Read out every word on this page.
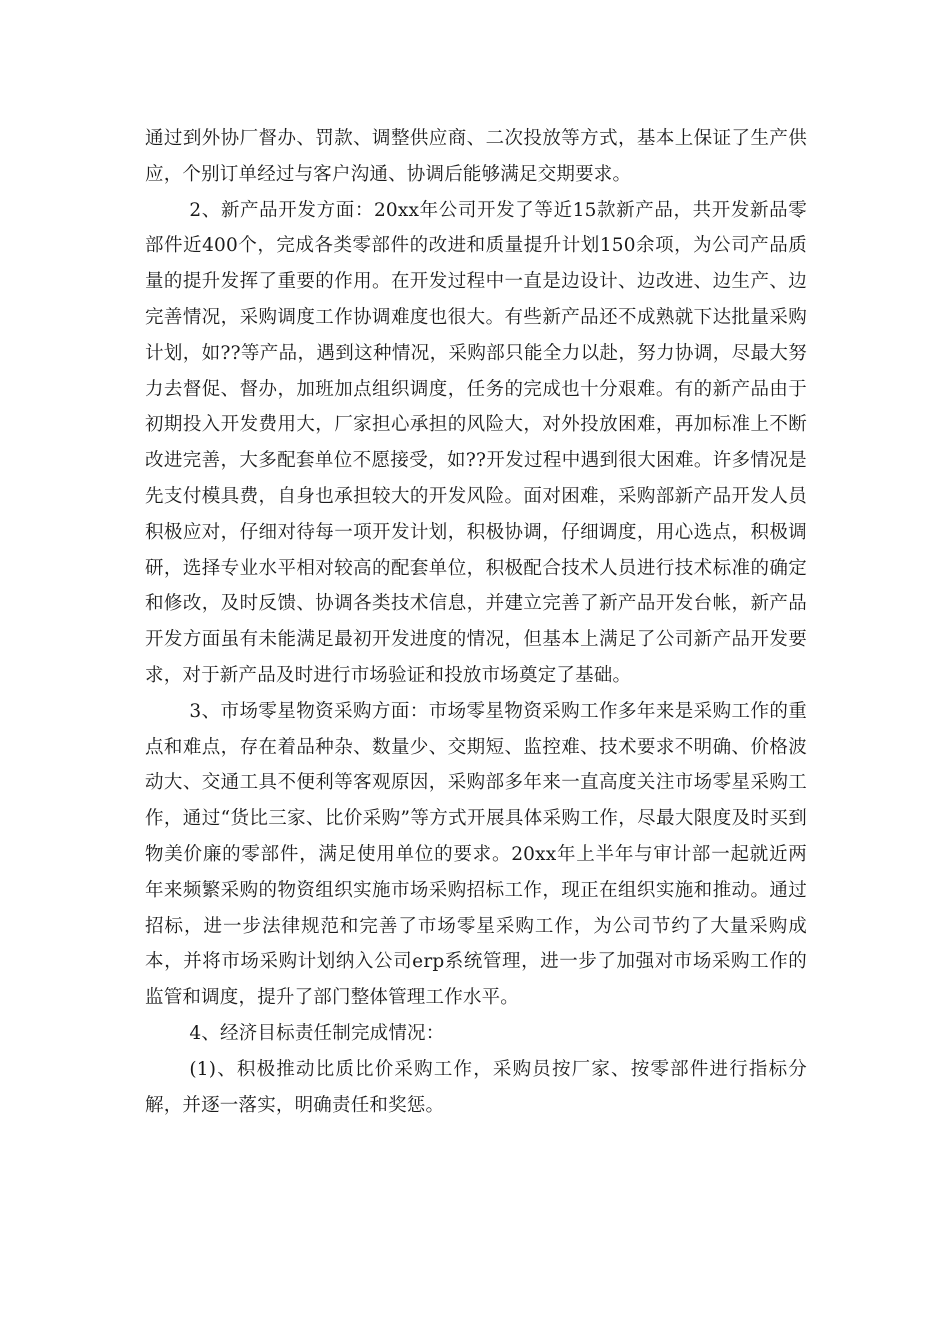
通过到外协厂督办、罚款、调整供应商、二次投放等方式，基本上保证了生产供应，个别订单经过与客户沟通、协调后能够满足交期要求。

2、新产品开发方面：20xx年公司开发了等近15款新产品，共开发新品零部件近400个，完成各类零部件的改进和质量提升计划150余项，为公司产品质量的提升发挥了重要的作用。在开发过程中一直是边设计、边改进、边生产、边完善情况，采购调度工作协调难度也很大。有些新产品还不成熟就下达批量采购计划，如??等产品，遇到这种情况，采购部只能全力以赴，努力协调，尽最大努力去督促、督办，加班加点组织调度，任务的完成也十分艰难。有的新产品由于初期投入开发费用大，厂家担心承担的风险大，对外投放困难，再加标准上不断改进完善，大多配套单位不愿接受，如??开发过程中遇到很大困难。许多情况是先支付模具费，自身也承担较大的开发风险。面对困难，采购部新产品开发人员积极应对，仔细对待每一项开发计划，积极协调，仔细调度，用心选点，积极调研，选择专业水平相对较高的配套单位，积极配合技术人员进行技术标准的确定和修改，及时反馈、协调各类技术信息，并建立完善了新产品开发台帐，新产品开发方面虽有未能满足最初开发进度的情况，但基本上满足了公司新产品开发要求，对于新产品及时进行市场验证和投放市场奠定了基础。

3、市场零星物资采购方面：市场零星物资采购工作多年来是采购工作的重点和难点，存在着品种杂、数量少、交期短、监控难、技术要求不明确、价格波动大、交通工具不便利等客观原因，采购部多年来一直高度关注市场零星采购工作，通过“货比三家、比价采购”等方式开展具体采购工作，尽最大限度及时买到物美价廉的零部件，满足使用单位的要求。20xx年上半年与审计部一起就近两年来频繁采购的物资组织实施市场采购招标工作，现正在组织实施和推动。通过招标，进一步法律规范和完善了市场零星采购工作，为公司节约了大量采购成本，并将市场采购计划纳入公司erp系统管理，进一步了加强对市场采购工作的监管和调度，提升了部门整体管理工作水平。

4、经济目标责任制完成情况：

(1)、积极推动比质比价采购工作，采购员按厂家、按零部件进行指标分解，并逐一落实，明确责任和奖惩。
